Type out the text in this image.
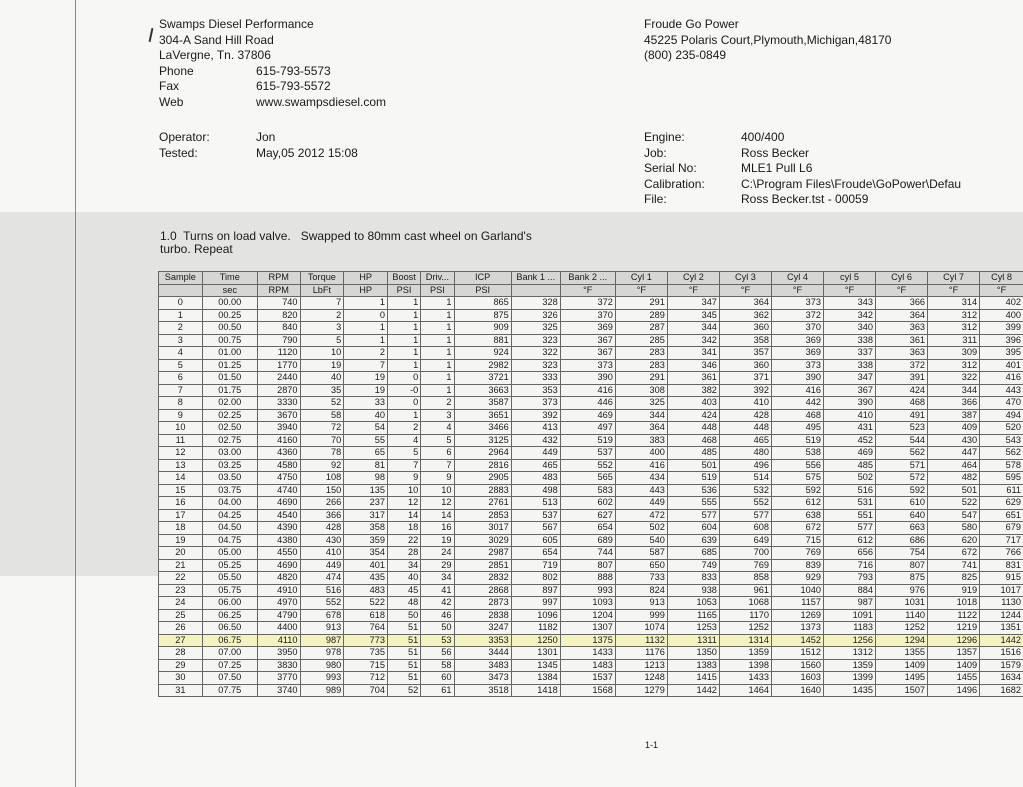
Swamps Diesel Performance
304-A Sand Hill Road
LaVergne, Tn. 37806
Phone	615-793-5573
Fax	615-793-5572
Web	www.swampsdiesel.com
Froude Go Power
45225 Polaris Court,Plymouth,Michigan,48170
(800) 235-0849
Operator:	Jon
Tested:	May,05 2012 15:08
Engine:	400/400
Job:	Ross Becker
Serial No:	MLE1 Pull L6
Calibration:	C:\Program Files\Froude\GoPower\Defau
File:	Ross Becker.tst - 00059
1.0  Turns on load valve.   Swapped to 80mm cast wheel on Garland's
turbo. Repeat
Sample	Time	RPM	Torque	HP	Boost	Driv...	ICP	Bank 1 ...	Bank 2 ...	Cyl 1	Cyl 2	Cyl 3	Cyl 4	cyl 5	Cyl 6	Cyl 7	Cyl 8
	sec	RPM	LbFt	HP	PSI	PSI	PSI		°F	°F	°F	°F	°F	°F	°F	°F	°F
0	00.00	740	7	1	1	1	865	328	372	291	347	364	373	343	366	314	402
1	00.25	820	2	0	1	1	875	326	370	289	345	362	372	342	364	312	400
2	00.50	840	3	1	1	1	909	325	369	287	344	360	370	340	363	312	399
3	00.75	790	5	1	1	1	881	323	367	285	342	358	369	338	361	311	396
4	01.00	1120	10	2	1	1	924	322	367	283	341	357	369	337	363	309	395
5	01.25	1770	19	7	1	1	2982	323	373	283	346	360	373	338	372	312	401
6	01.50	2440	40	19	0	1	3721	333	390	291	361	371	390	347	391	322	416
7	01.75	2870	35	19	-0	1	3663	353	416	308	382	392	416	367	424	344	443
8	02.00	3330	52	33	0	2	3587	373	446	325	403	410	442	390	468	366	470
9	02.25	3670	58	40	1	3	3651	392	469	344	424	428	468	410	491	387	494
10	02.50	3940	72	54	2	4	3466	413	497	364	448	448	495	431	523	409	520
11	02.75	4160	70	55	4	5	3125	432	519	383	468	465	519	452	544	430	543
12	03.00	4360	78	65	5	6	2964	449	537	400	485	480	538	469	562	447	562
13	03.25	4580	92	81	7	7	2816	465	552	416	501	496	556	485	571	464	578
14	03.50	4750	108	98	9	9	2905	483	565	434	519	514	575	502	572	482	595
15	03.75	4740	150	135	10	10	2883	498	583	443	536	532	592	516	592	501	611
16	04.00	4690	266	237	12	12	2761	513	602	449	555	552	612	531	610	522	629
17	04.25	4540	366	317	14	14	2853	537	627	472	577	577	638	551	640	547	651
18	04.50	4390	428	358	18	16	3017	567	654	502	604	608	672	577	663	580	679
19	04.75	4380	430	359	22	19	3029	605	689	540	639	649	715	612	686	620	717
20	05.00	4550	410	354	28	24	2987	654	744	587	685	700	769	656	754	672	766
21	05.25	4690	449	401	34	29	2851	719	807	650	749	769	839	716	807	741	831
22	05.50	4820	474	435	40	34	2832	802	888	733	833	858	929	793	875	825	915
23	05.75	4910	516	483	45	41	2868	897	993	824	938	961	1040	884	976	919	1017
24	06.00	4970	552	522	48	42	2873	997	1093	913	1053	1068	1157	987	1031	1018	1130
25	06.25	4790	678	618	50	46	2838	1096	1204	999	1165	1170	1269	1091	1140	1122	1244
26	06.50	4400	913	764	51	50	3247	1182	1307	1074	1253	1252	1373	1183	1252	1219	1351
27	06.75	4110	987	773	51	53	3353	1250	1375	1132	1311	1314	1452	1256	1294	1296	1442
28	07.00	3950	978	735	51	56	3444	1301	1433	1176	1350	1359	1512	1312	1355	1357	1516
29	07.25	3830	980	715	51	58	3483	1345	1483	1213	1383	1398	1560	1359	1409	1409	1579
30	07.50	3770	993	712	51	60	3473	1384	1537	1248	1415	1433	1603	1399	1495	1455	1634
31	07.75	3740	989	704	52	61	3518	1418	1568	1279	1442	1464	1640	1435	1507	1496	1682
1-1
